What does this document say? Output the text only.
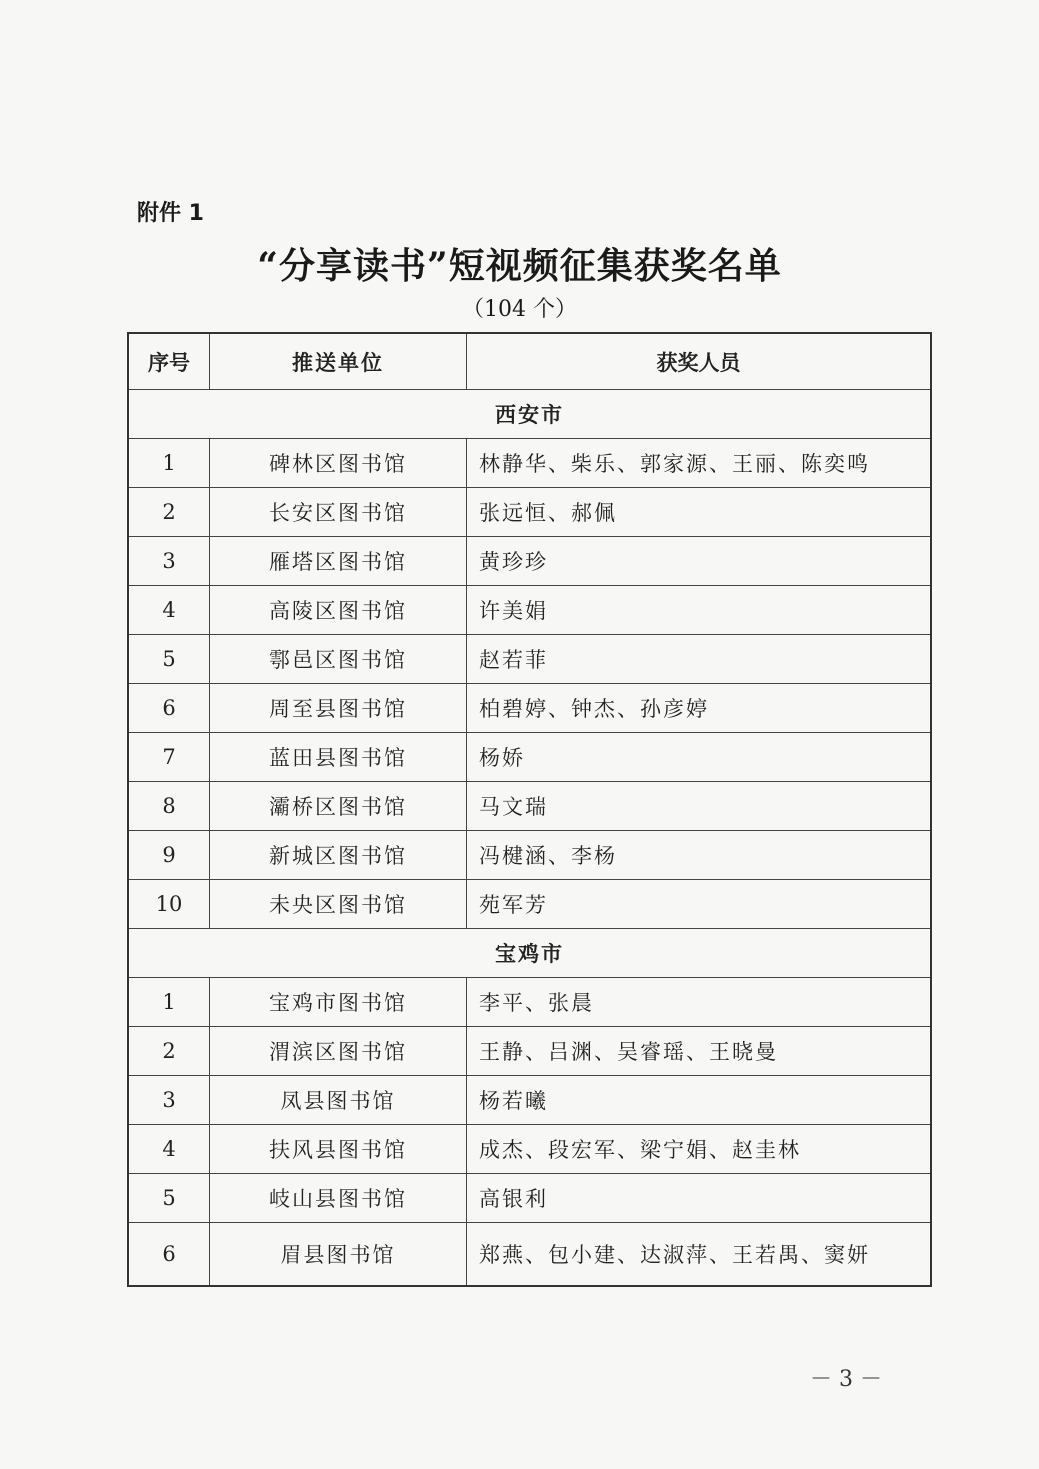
附件 1
“分享读书”短视频征集获奖名单
（104 个）
序号	推送单位	获奖人员
西安市		
1	碑林区图书馆	林静华、柴乐、郭家源、王丽、陈奕鸣
2	长安区图书馆	张远恒、郝佩
3	雁塔区图书馆	黄珍珍
4	高陵区图书馆	许美娟
5	鄠邑区图书馆	赵若菲
6	周至县图书馆	柏碧婷、钟杰、孙彦婷
7	蓝田县图书馆	杨娇
8	灞桥区图书馆	马文瑞
9	新城区图书馆	冯楗涵、李杨
10	未央区图书馆	苑军芳
宝鸡市		
1	宝鸡市图书馆	李平、张晨
2	渭滨区图书馆	王静、吕渊、吴睿瑶、王晓曼
3	凤县图书馆	杨若曦
4	扶风县图书馆	成杰、段宏军、梁宁娟、赵圭林
5	岐山县图书馆	高银利
6	眉县图书馆	郑燕、包小建、达淑萍、王若禺、窦妍
－ 3 －
